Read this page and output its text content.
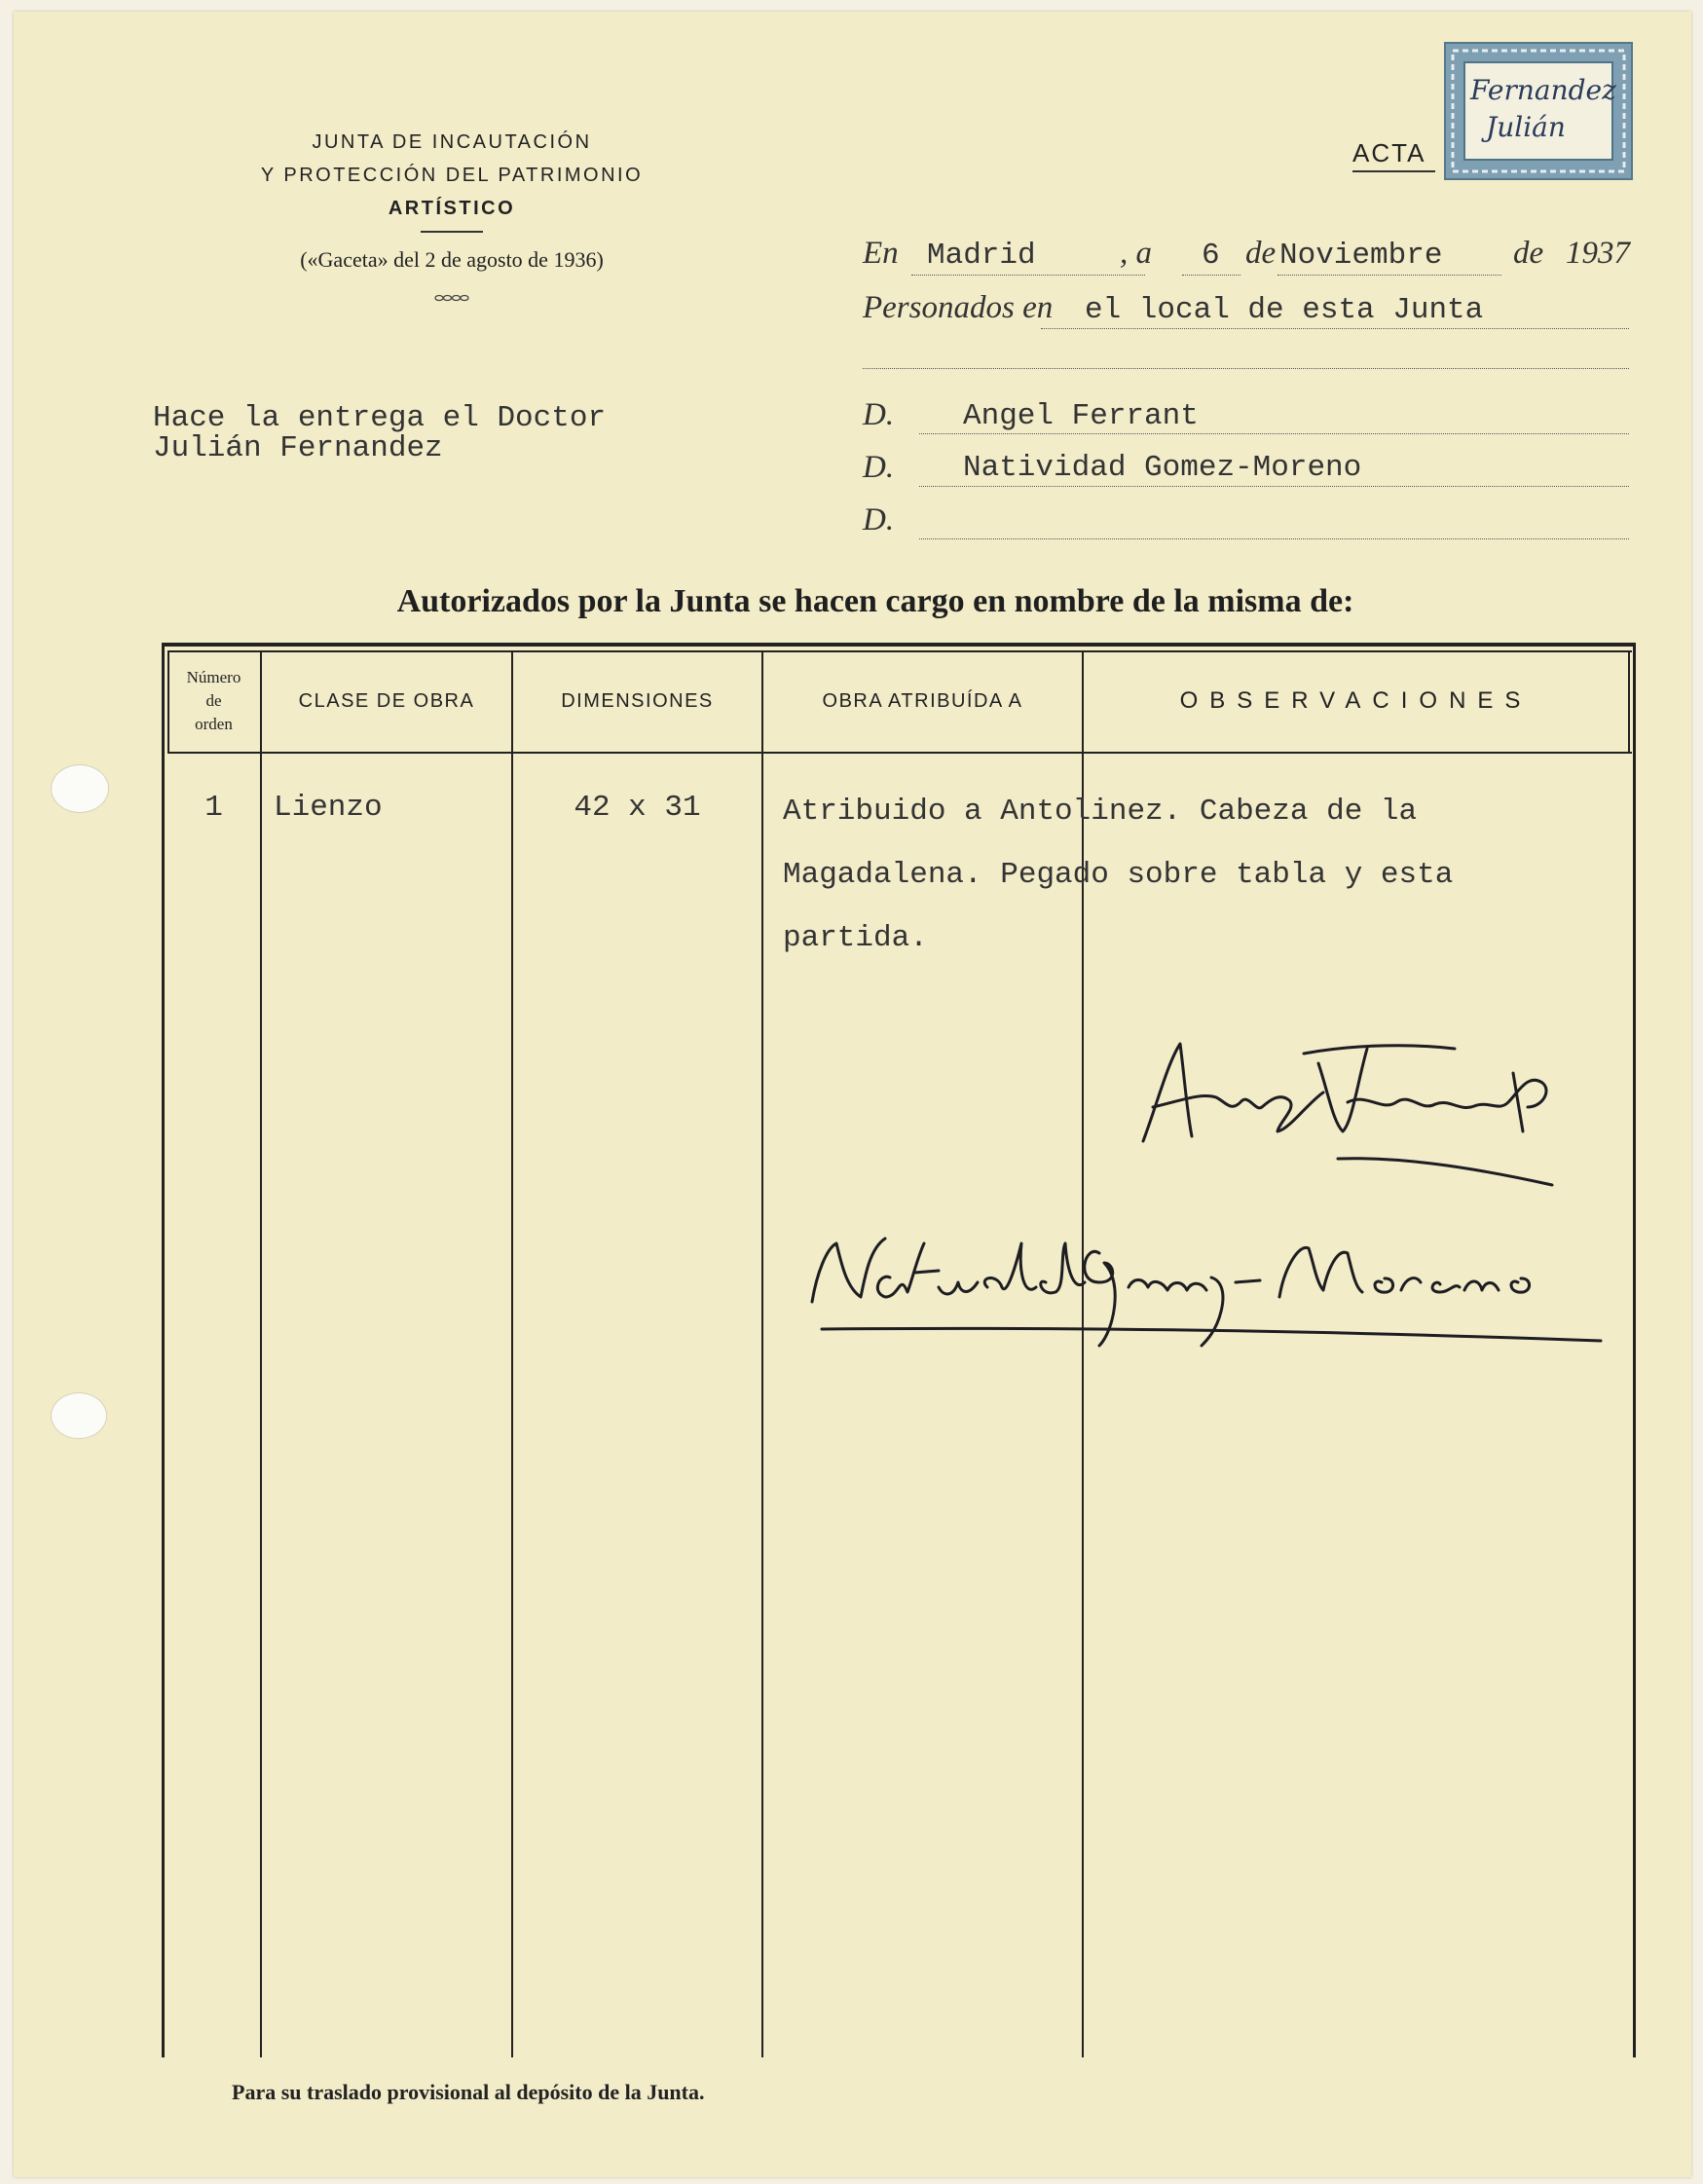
JUNTA DE INCAUTACIÓN
Y PROTECCIÓN DEL PATRIMONIO
ARTÍSTICO
(«Gaceta» del 2 de agosto de 1936)
ACTA
Fernandez
Julián
En Madrid	, a 6 de Noviembre de 1937
Personados en el local de esta Junta
Hace la entrega el Doctor
Julián Fernandez
D. Angel Ferrant
D. Natividad Gomez-Moreno
D.
Autorizados por la Junta se hacen cargo en nombre de la misma de:
Número
de
orden
CLASE DE OBRA	DIMENSIONES	OBRA ATRIBUÍDA A	OBSERVACIONES
1	Lienzo	42 x 31	Atribuido a Antolinez. Cabeza de la
Magadalena. Pegado sobre tabla y esta
partida.
Para su traslado provisional al depósito de la Junta.
